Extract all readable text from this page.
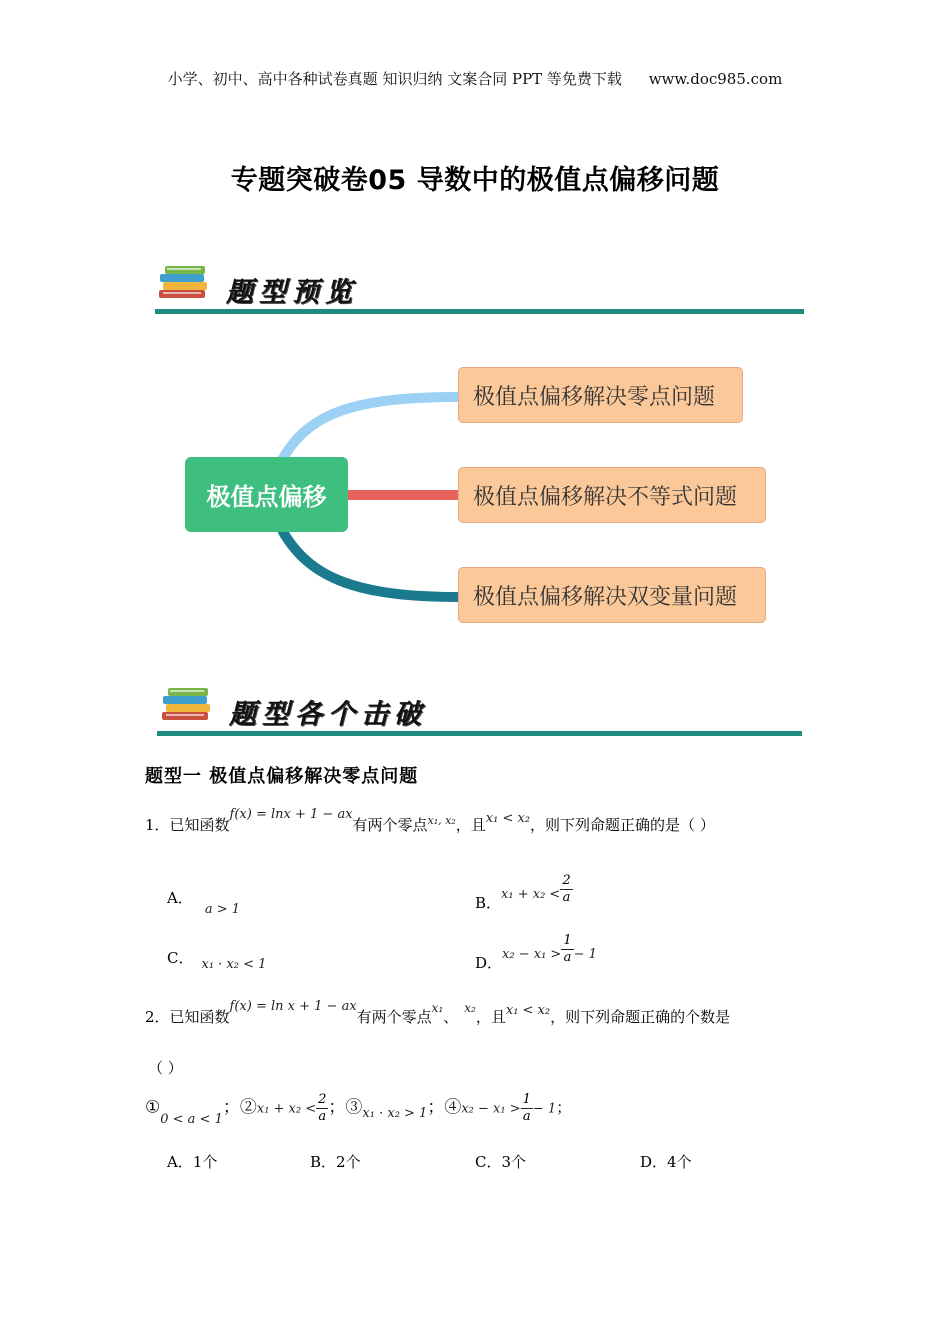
小学、初中、高中各种试卷真题 知识归纳 文案合同 PPT 等免费下载 www.doc985.com
专题突破卷05 导数中的极值点偏移问题
题型预览
极值点偏移
极值点偏移解决零点问题
极值点偏移解决不等式问题
极值点偏移解决双变量问题
题型各个击破
题型一 极值点偏移解决零点问题
1．已知函数f(x) = lnx + 1 − ax有两个零点$^{x_1, x_2}$，且x₁ < x₂，则下列命题正确的是（ ）
A．a > 1	B．$x_1 + x_2 < \frac{2}{a}$
C． x₁ · x₂ < 1	D．$x_2 - x_1 > \frac{1}{a} - 1$
2．已知函数f(x) = ln x + 1 − ax有两个零点$^{x_1}$、 $^{x_2}$，且x₁ < x₂，则下列命题正确的个数是
（ ）
①0 < a < 1；②x₁ + $x_2 < \frac{2}{a}$ ；③x₁ · x₂ > 1；④x₂ − $x_1 > \frac{1}{a} - 1$；
A．1个	B．2个	C．3个	D．4个
